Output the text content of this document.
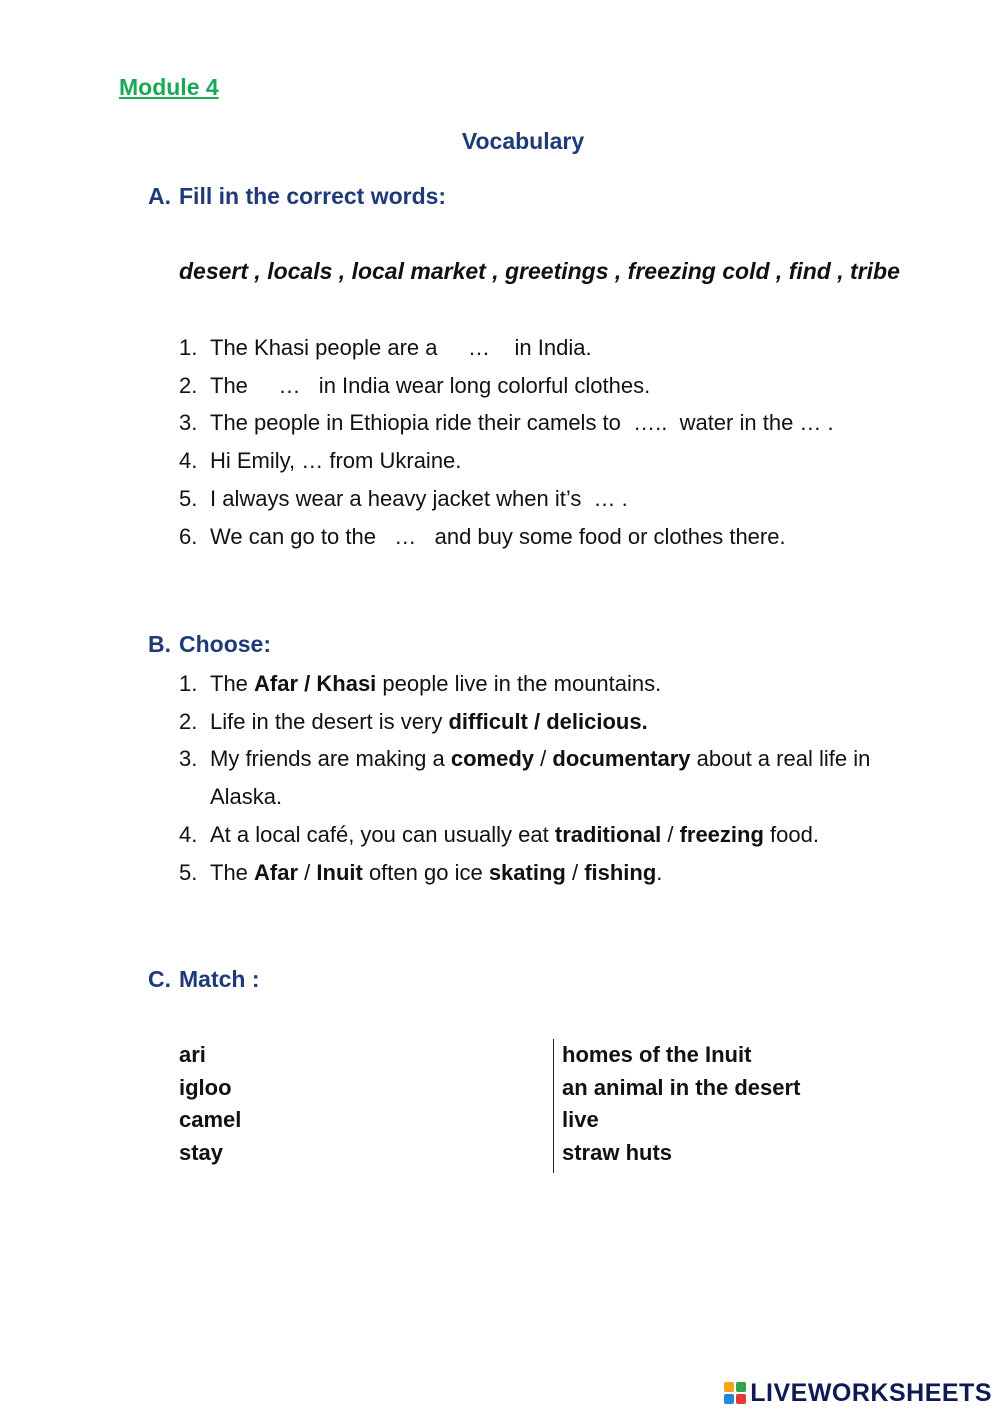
Module 4
Vocabulary
A. Fill in the correct words:
desert , locals , local market , greetings , freezing cold , find , tribe
1. The Khasi people are a     …    in India.
2. The     …   in India wear long colorful clothes.
3. The people in Ethiopia ride their camels to  …..  water in the … .
4. Hi Emily, … from Ukraine.
5. I always wear a heavy jacket when it’s  … .
6. We can go to the   …   and buy some food or clothes there.
B. Choose:
1. The Afar / Khasi people live in the mountains.
2. Life in the desert is very difficult / delicious.
3. My friends are making a comedy / documentary about a real life in Alaska.
4. At a local café, you can usually eat traditional / freezing food.
5. The Afar / Inuit often go ice skating / fishing.
C. Match :
ari
igloo
camel
stay
homes of the Inuit
an animal in the desert
live
straw huts
LIVEWORKSHEETS
